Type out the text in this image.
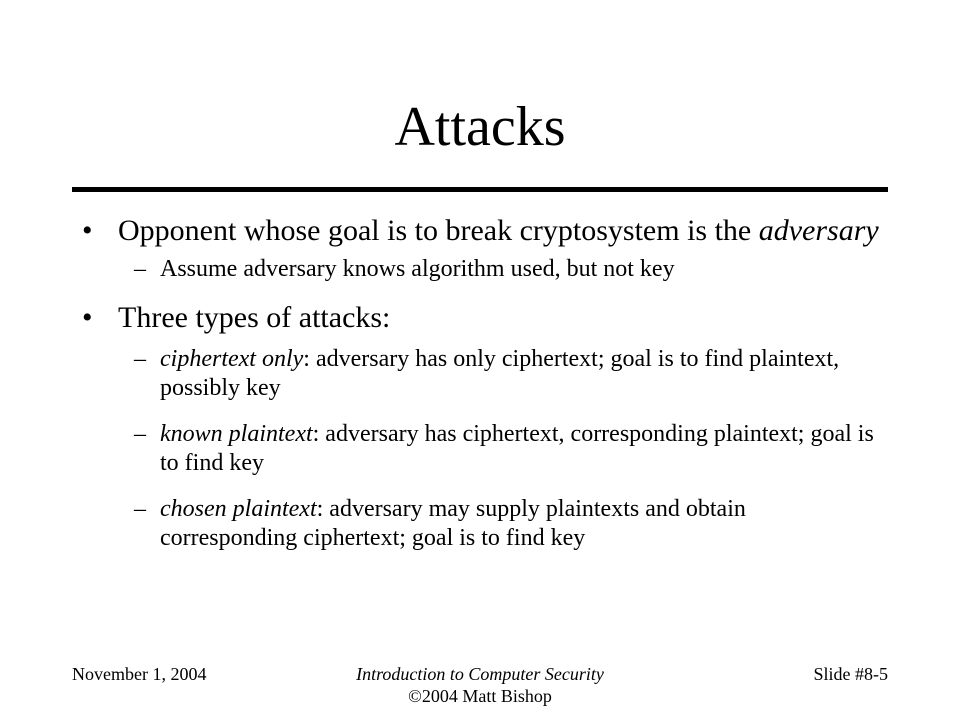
Attacks
• Opponent whose goal is to break cryptosystem is the adversary
– Assume adversary knows algorithm used, but not key
• Three types of attacks:
– ciphertext only: adversary has only ciphertext; goal is to find plaintext, possibly key
– known plaintext: adversary has ciphertext, corresponding plaintext; goal is to find key
– chosen plaintext: adversary may supply plaintexts and obtain corresponding ciphertext; goal is to find key
November 1, 2004	Introduction to Computer Security
©2004 Matt Bishop
Slide #8-5
